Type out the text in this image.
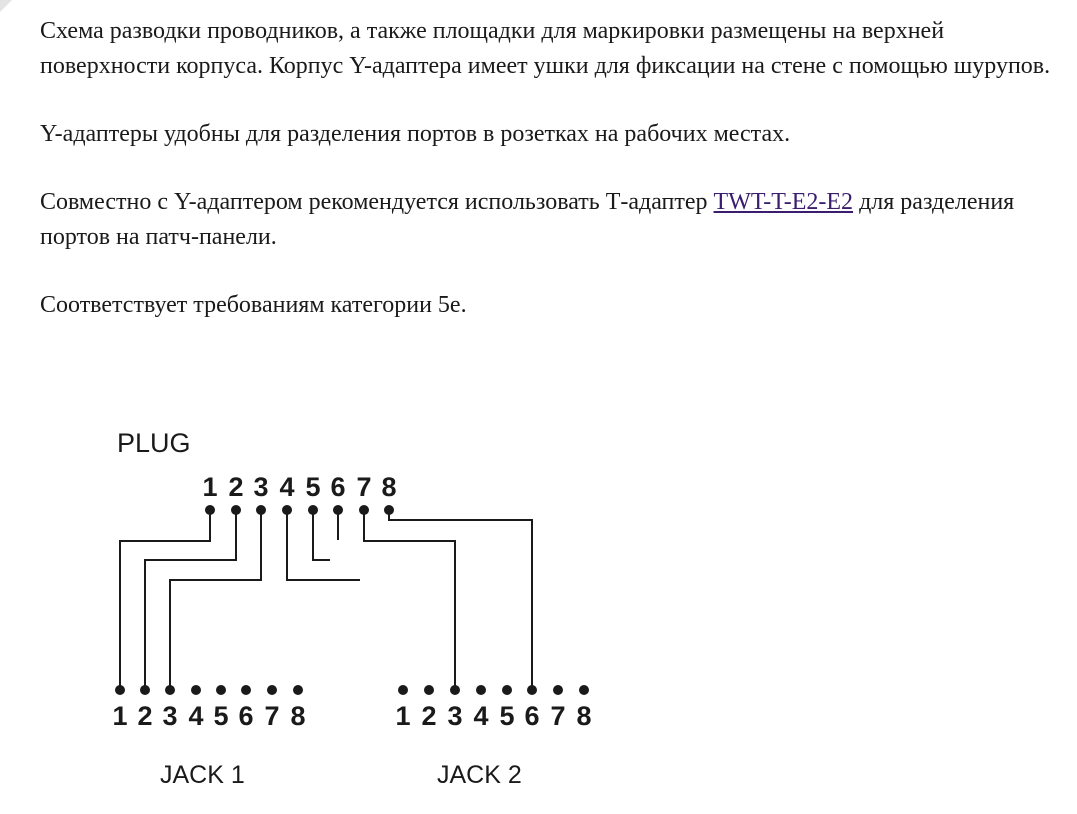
Схема разводки проводников, а также площадки для маркировки размещены на верхней поверхности корпуса. Корпус Y-адаптера имеет ушки для фиксации на стене с помощью шурупов.

Y-адаптеры удобны для разделения портов в розетках на рабочих местах.

Совместно с Y-адаптером рекомендуется использовать Т-адаптер TWT-T-E2-E2 для разделения портов на патч-панели.

Соответствует требованиям категории 5е.

PLUG
JACK 1	JACK 2
1 2 3 4 5 6 7 8
1 2 3 4 5 6 7 8	1 2 3 4 5 6 7 8
